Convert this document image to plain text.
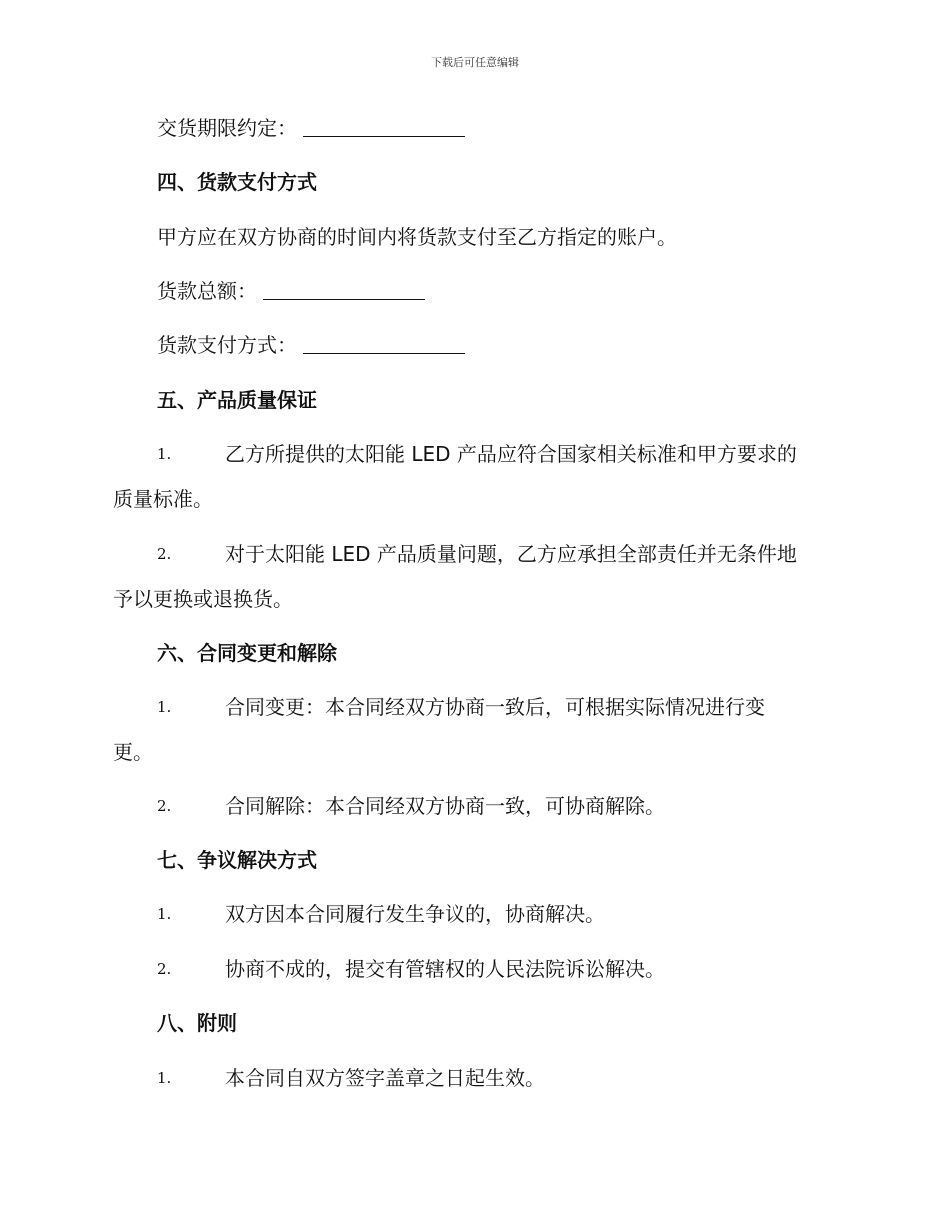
下载后可任意编辑
交货期限约定：
四、货款支付方式
甲方应在双方协商的时间内将货款支付至乙方指定的账户。
货款总额：
货款支付方式：
五、产品质量保证
1.	乙方所提供的太阳能 LED 产品应符合国家相关标准和甲方要求的
质量标准。
2.	对于太阳能 LED 产品质量问题，乙方应承担全部责任并无条件地
予以更换或退换货。
六、合同变更和解除
1.	合同变更：本合同经双方协商一致后，可根据实际情况进行变
更。
2.	合同解除：本合同经双方协商一致，可协商解除。
七、争议解决方式
1.	双方因本合同履行发生争议的，协商解决。
2.	协商不成的，提交有管辖权的人民法院诉讼解决。
八、附则
1.	本合同自双方签字盖章之日起生效。
